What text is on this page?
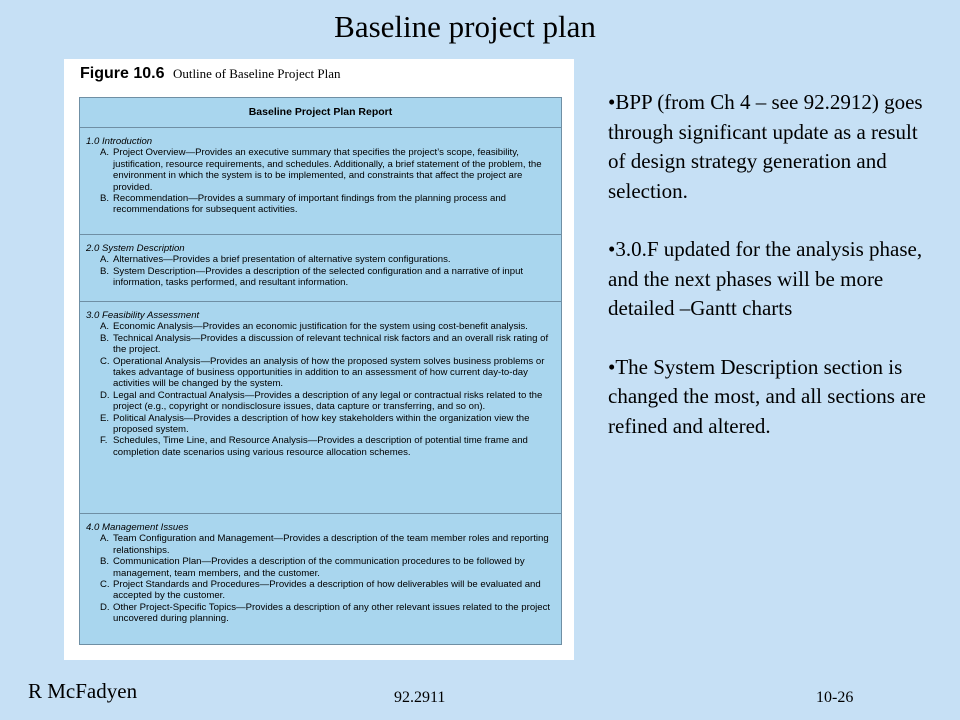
Baseline project plan
Figure 10.6 Outline of Baseline Project Plan
Baseline Project Plan Report
1.0 Introduction
A. Project Overview—Provides an executive summary that specifies the project’s scope, feasibility, justification, resource requirements, and schedules. Additionally, a brief statement of the problem, the environment in which the system is to be implemented, and constraints that affect the project are provided.
B. Recommendation—Provides a summary of important findings from the planning process and recommendations for subsequent activities.
2.0 System Description
A. Alternatives—Provides a brief presentation of alternative system configurations.
B. System Description—Provides a description of the selected configuration and a narrative of input information, tasks performed, and resultant information.
3.0 Feasibility Assessment
A. Economic Analysis—Provides an economic justification for the system using cost-benefit analysis.
B. Technical Analysis—Provides a discussion of relevant technical risk factors and an overall risk rating of the project.
C. Operational Analysis—Provides an analysis of how the proposed system solves business problems or takes advantage of business opportunities in addition to an assessment of how current day-to-day activities will be changed by the system.
D. Legal and Contractual Analysis—Provides a description of any legal or contractual risks related to the project (e.g., copyright or nondisclosure issues, data capture or transferring, and so on).
E. Political Analysis—Provides a description of how key stakeholders within the organization view the proposed system.
F. Schedules, Time Line, and Resource Analysis—Provides a description of potential time frame and completion date scenarios using various resource allocation schemes.
4.0 Management Issues
A. Team Configuration and Management—Provides a description of the team member roles and reporting relationships.
B. Communication Plan—Provides a description of the communication procedures to be followed by management, team members, and the customer.
C. Project Standards and Procedures—Provides a description of how deliverables will be evaluated and accepted by the customer.
D. Other Project-Specific Topics—Provides a description of any other relevant issues related to the project uncovered during planning.
•BPP (from Ch 4 – see 92.2912) goes through significant update as a result of design strategy generation and selection.
•3.0.F updated for the analysis phase, and the next phases will be more detailed –Gantt charts
•The System Description section is changed the most, and all sections are refined and altered.
R McFadyen	92.2911	10-26
